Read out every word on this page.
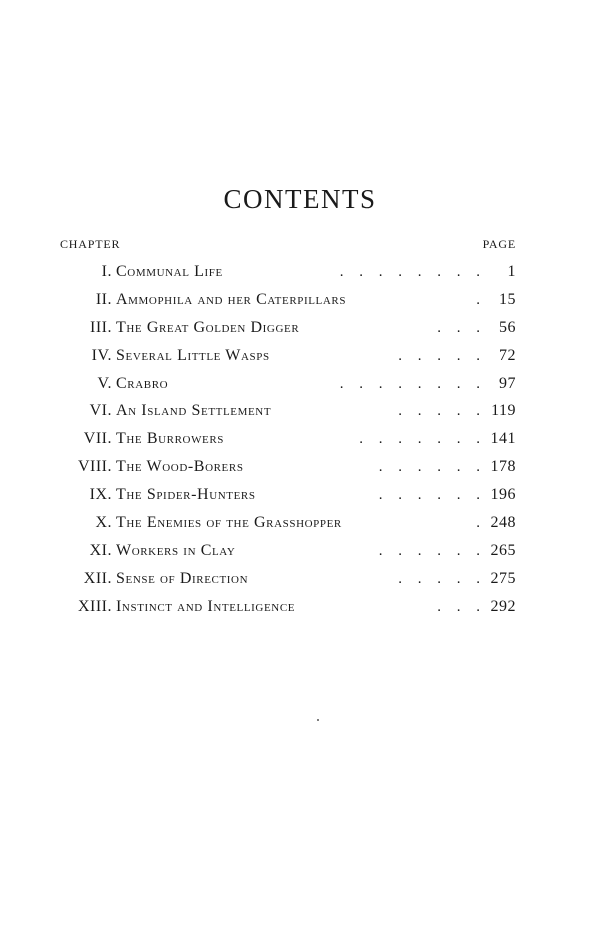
CONTENTS
CHAPTER	PAGE
I. Communal Life	. . . . . . . . 1
II. Ammophila and her Caterpillars	. 15
III. The Great Golden Digger	. . . 56
IV. Several Little Wasps	. . . . . 72
V. Crabro	. . . . . . . . 97
VI. An Island Settlement	. . . . . 119
VII. The Burrowers	. . . . . . . 141
VIII. The Wood-Borers	. . . . . . 178
IX. The Spider-Hunters	. . . . . . 196
X. The Enemies of the Grasshopper	. 248
XI. Workers in Clay	. . . . . . 265
XII. Sense of Direction	. . . . . 275
XIII. Instinct and Intelligence	. . . 292
